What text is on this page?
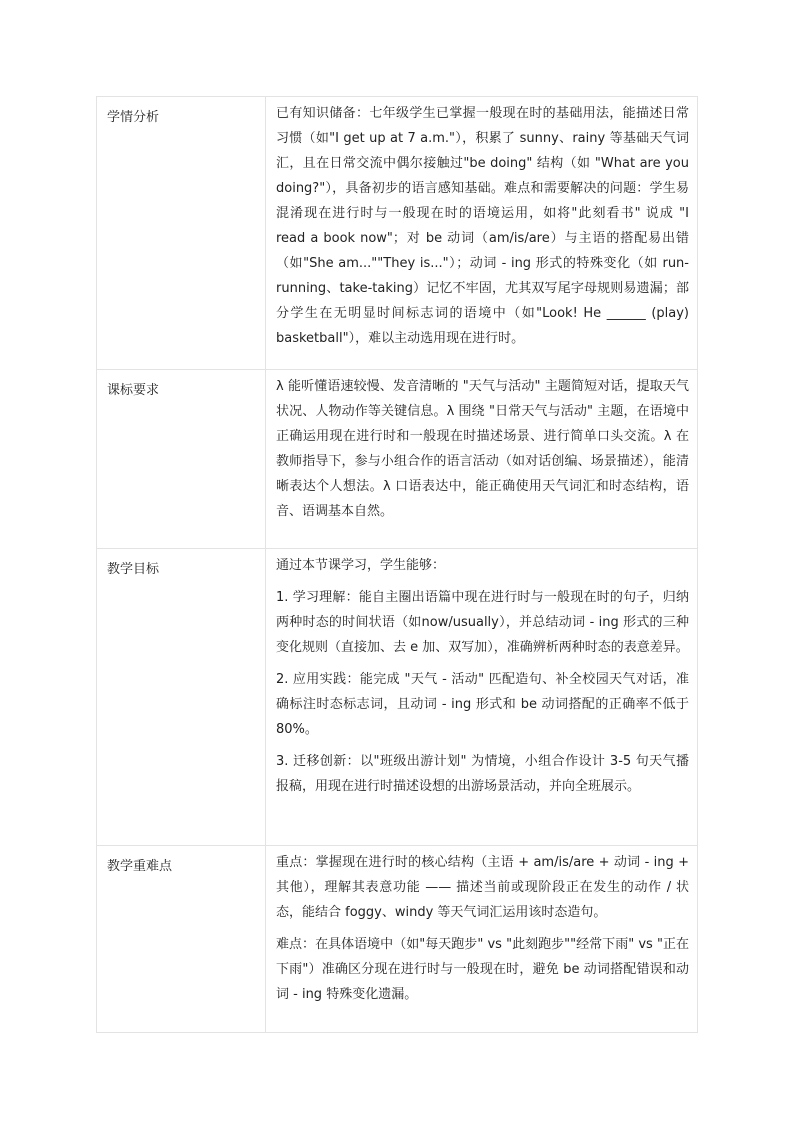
学情分析	已有知识储备：七年级学生已掌握一般现在时的基础用法，能描述日常习惯（如"I get up at 7 a.m."），积累了 sunny、rainy 等基础天气词汇，且在日常交流中偶尔接触过"be doing" 结构（如 "What are you doing?"），具备初步的语言感知基础。难点和需要解决的问题：学生易混淆现在进行时与一般现在时的语境运用，如将"此刻看书" 说成 "I read a book now"；对 be 动词（am/is/are）与主语的搭配易出错（如"She am...""They is..."）；动词 - ing 形式的特殊变化（如 run-running、take-taking）记忆不牢固，尤其双写尾字母规则易遗漏；部分学生在无明显时间标志词的语境中（如"Look! He ______ (play) basketball"），难以主动选用现在进行时。

课标要求	λ 能听懂语速较慢、发音清晰的 "天气与活动" 主题简短对话，提取天气状况、人物动作等关键信息。λ 围绕 "日常天气与活动" 主题，在语境中正确运用现在进行时和一般现在时描述场景、进行简单口头交流。λ 在教师指导下，参与小组合作的语言活动（如对话创编、场景描述），能清晰表达个人想法。λ 口语表达中，能正确使用天气词汇和时态结构，语音、语调基本自然。

教学目标	通过本节课学习，学生能够：

1. 学习理解：能自主圈出语篇中现在进行时与一般现在时的句子，归纳两种时态的时间状语（如now/usually），并总结动词 - ing 形式的三种变化规则（直接加、去 e 加、双写加），准确辨析两种时态的表意差异。

2. 应用实践：能完成 "天气 - 活动" 匹配造句、补全校园天气对话，准确标注时态标志词，且动词 - ing 形式和 be 动词搭配的正确率不低于 80%。

3. 迁移创新：以"班级出游计划" 为情境，小组合作设计 3-5 句天气播报稿，用现在进行时描述设想的出游场景活动，并向全班展示。

教学重难点	重点：掌握现在进行时的核心结构（主语 + am/is/are + 动词 - ing + 其他），理解其表意功能 —— 描述当前或现阶段正在发生的动作 / 状态，能结合 foggy、windy 等天气词汇运用该时态造句。

难点：在具体语境中（如"每天跑步" vs "此刻跑步""经常下雨" vs "正在下雨"）准确区分现在进行时与一般现在时，避免 be 动词搭配错误和动词 - ing 特殊变化遗漏。
